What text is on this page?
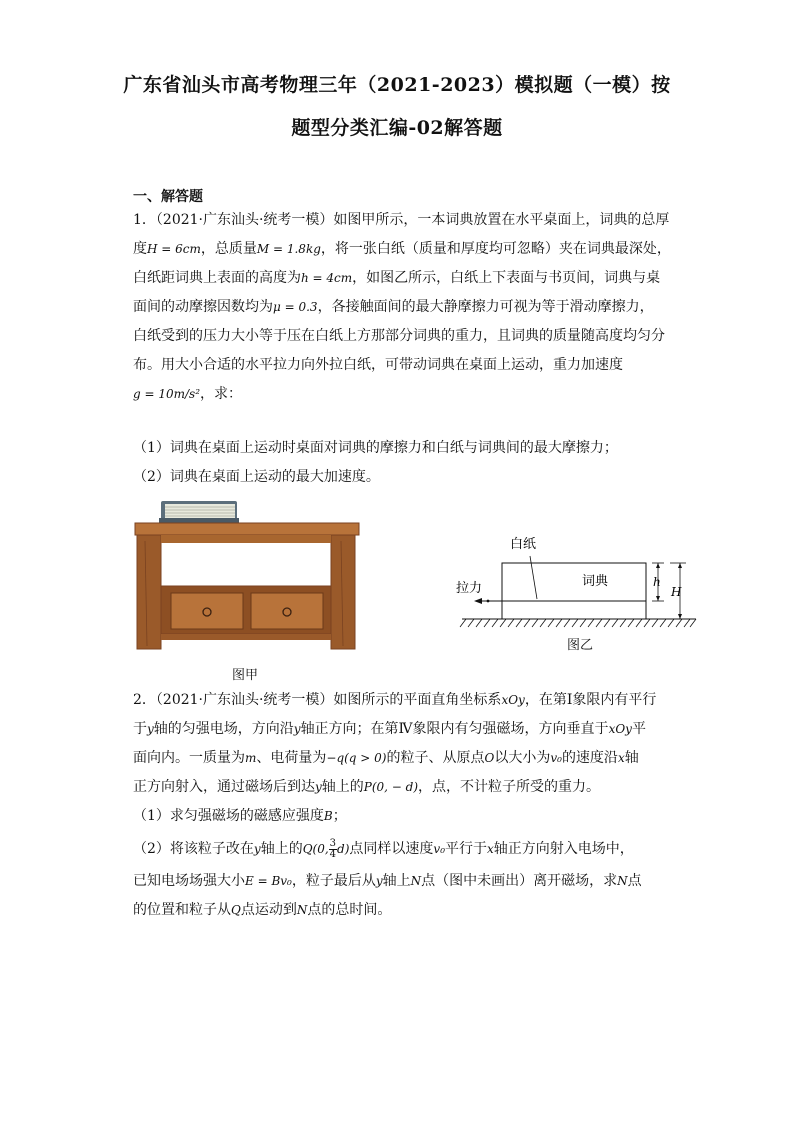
广东省汕头市高考物理三年（2021-2023）模拟题（一模）按
题型分类汇编-02解答题
一、解答题
1．（2021·广东汕头·统考一模）如图甲所示，一本词典放置在水平桌面上，词典的总厚
度H = 6cm，总质量M = 1.8kg，将一张白纸（质量和厚度均可忽略）夹在词典最深处，
白纸距词典上表面的高度为h = 4cm，如图乙所示，白纸上下表面与书页间，词典与桌
面间的动摩擦因数均为μ = 0.3，各接触面间的最大静摩擦力可视为等于滑动摩擦力，
白纸受到的压力大小等于压在白纸上方那部分词典的重力，且词典的质量随高度均匀分
布。用大小合适的水平拉力向外拉白纸，可带动词典在桌面上运动，重力加速度
g = 10m/s²，求：
（1）词典在桌面上运动时桌面对词典的摩擦力和白纸与词典间的最大摩擦力；
（2）词典在桌面上运动的最大加速度。
图甲
白纸
词典
拉力	h
H
图乙
2．（2021·广东汕头·统考一模）如图所示的平面直角坐标系xOy，在第Ⅰ象限内有平行
于y轴的匀强电场，方向沿y轴正方向；在第Ⅳ象限内有匀强磁场，方向垂直于xOy平
面向内。一质量为m、电荷量为−q(q > 0)的粒子、从原点O以大小为v₀的速度沿x轴
正方向射入，通过磁场后到达y轴上的P(0, − d)，点，不计粒子所受的重力。
（1）求匀强磁场的磁感应强度B；
（2）将该粒子改在y轴上的Q(0, $\frac{3}{4} d$)点同样以速度v₀平行于x轴正方向射入电场中，
已知电场场强大小E = Bv₀，粒子最后从y轴上N点（图中未画出）离开磁场，求N点
的位置和粒子从Q点运动到N点的总时间。
